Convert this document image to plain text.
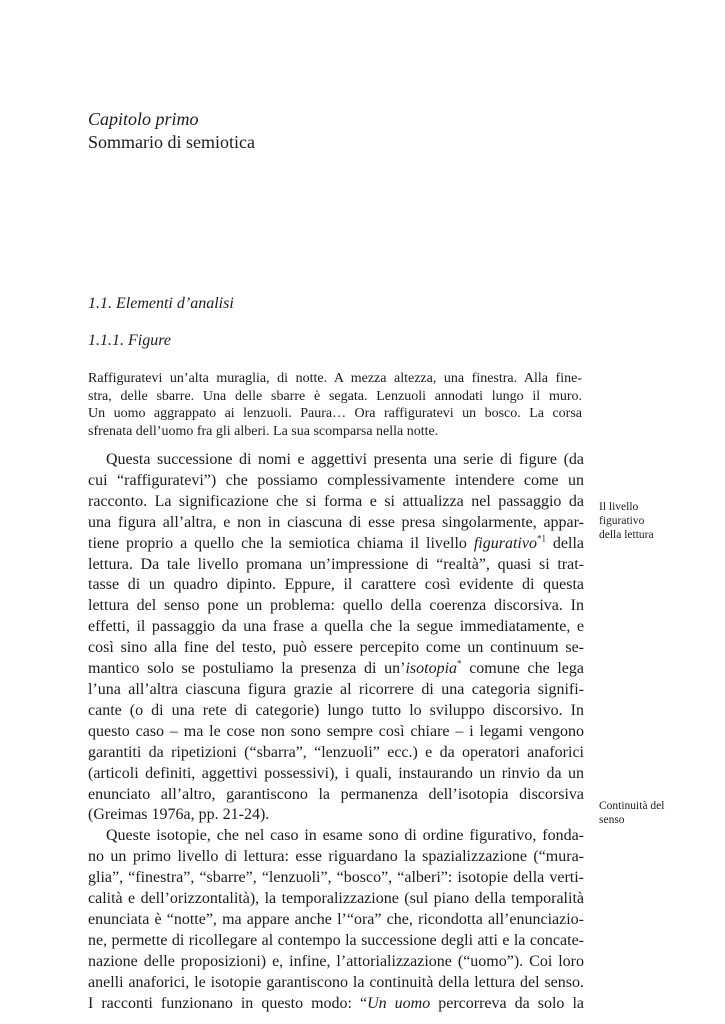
Capitolo primo
Sommario di semiotica
1.1. Elementi d’analisi
1.1.1. Figure
Raffiguratevi un’alta muraglia, di notte. A mezza altezza, una finestra. Alla fine-
stra, delle sbarre. Una delle sbarre è segata. Lenzuoli annodati lungo il muro.
Un uomo aggrappato ai lenzuoli. Paura… Ora raffiguratevi un bosco. La corsa
sfrenata dell’uomo fra gli alberi. La sua scomparsa nella notte.
Questa successione di nomi e aggettivi presenta una serie di figure (da
cui “raffiguratevi”) che possiamo complessivamente intendere come un
racconto. La significazione che si forma e si attualizza nel passaggio da
una figura all’altra, e non in ciascuna di esse presa singolarmente, appar-
tiene proprio a quello che la semiotica chiama il livello figurativo$^{*1}$ della
lettura. Da tale livello promana un’impressione di “realtà”, quasi si trat-
tasse di un quadro dipinto. Eppure, il carattere così evidente di questa
lettura del senso pone un problema: quello della coerenza discorsiva. In
effetti, il passaggio da una frase a quella che la segue immediatamente, e
così sino alla fine del testo, può essere percepito come un continuum se-
mantico solo se postuliamo la presenza di un’isotopia* comune che lega
l’una all’altra ciascuna figura grazie al ricorrere di una categoria signifi-
cante (o di una rete di categorie) lungo tutto lo sviluppo discorsivo. In
questo caso – ma le cose non sono sempre così chiare – i legami vengono
garantiti da ripetizioni (“sbarra”, “lenzuoli” ecc.) e da operatori anaforici
(articoli definiti, aggettivi possessivi), i quali, instaurando un rinvio da un
enunciato all’altro, garantiscono la permanenza dell’isotopia discorsiva
(Greimas 1976a, pp. 21-24).
Queste isotopie, che nel caso in esame sono di ordine figurativo, fonda-
no un primo livello di lettura: esse riguardano la spazializzazione (“mura-
glia”, “finestra”, “sbarre”, “lenzuoli”, “bosco”, “alberi”: isotopie della verti-
calità e dell’orizzontalità), la temporalizzazione (sul piano della temporalità
enunciata è “notte”, ma appare anche l’“ora” che, ricondotta all’enunciazio-
ne, permette di ricollegare al contempo la successione degli atti e la concate-
nazione delle proposizioni) e, infine, l’attorializzazione (“uomo”). Coi loro
anelli anaforici, le isotopie garantiscono la continuità della lettura del senso.
I racconti funzionano in questo modo: “Un uomo percorreva da solo la
Il livello
figurativo
della lettura
Continuità del
senso
